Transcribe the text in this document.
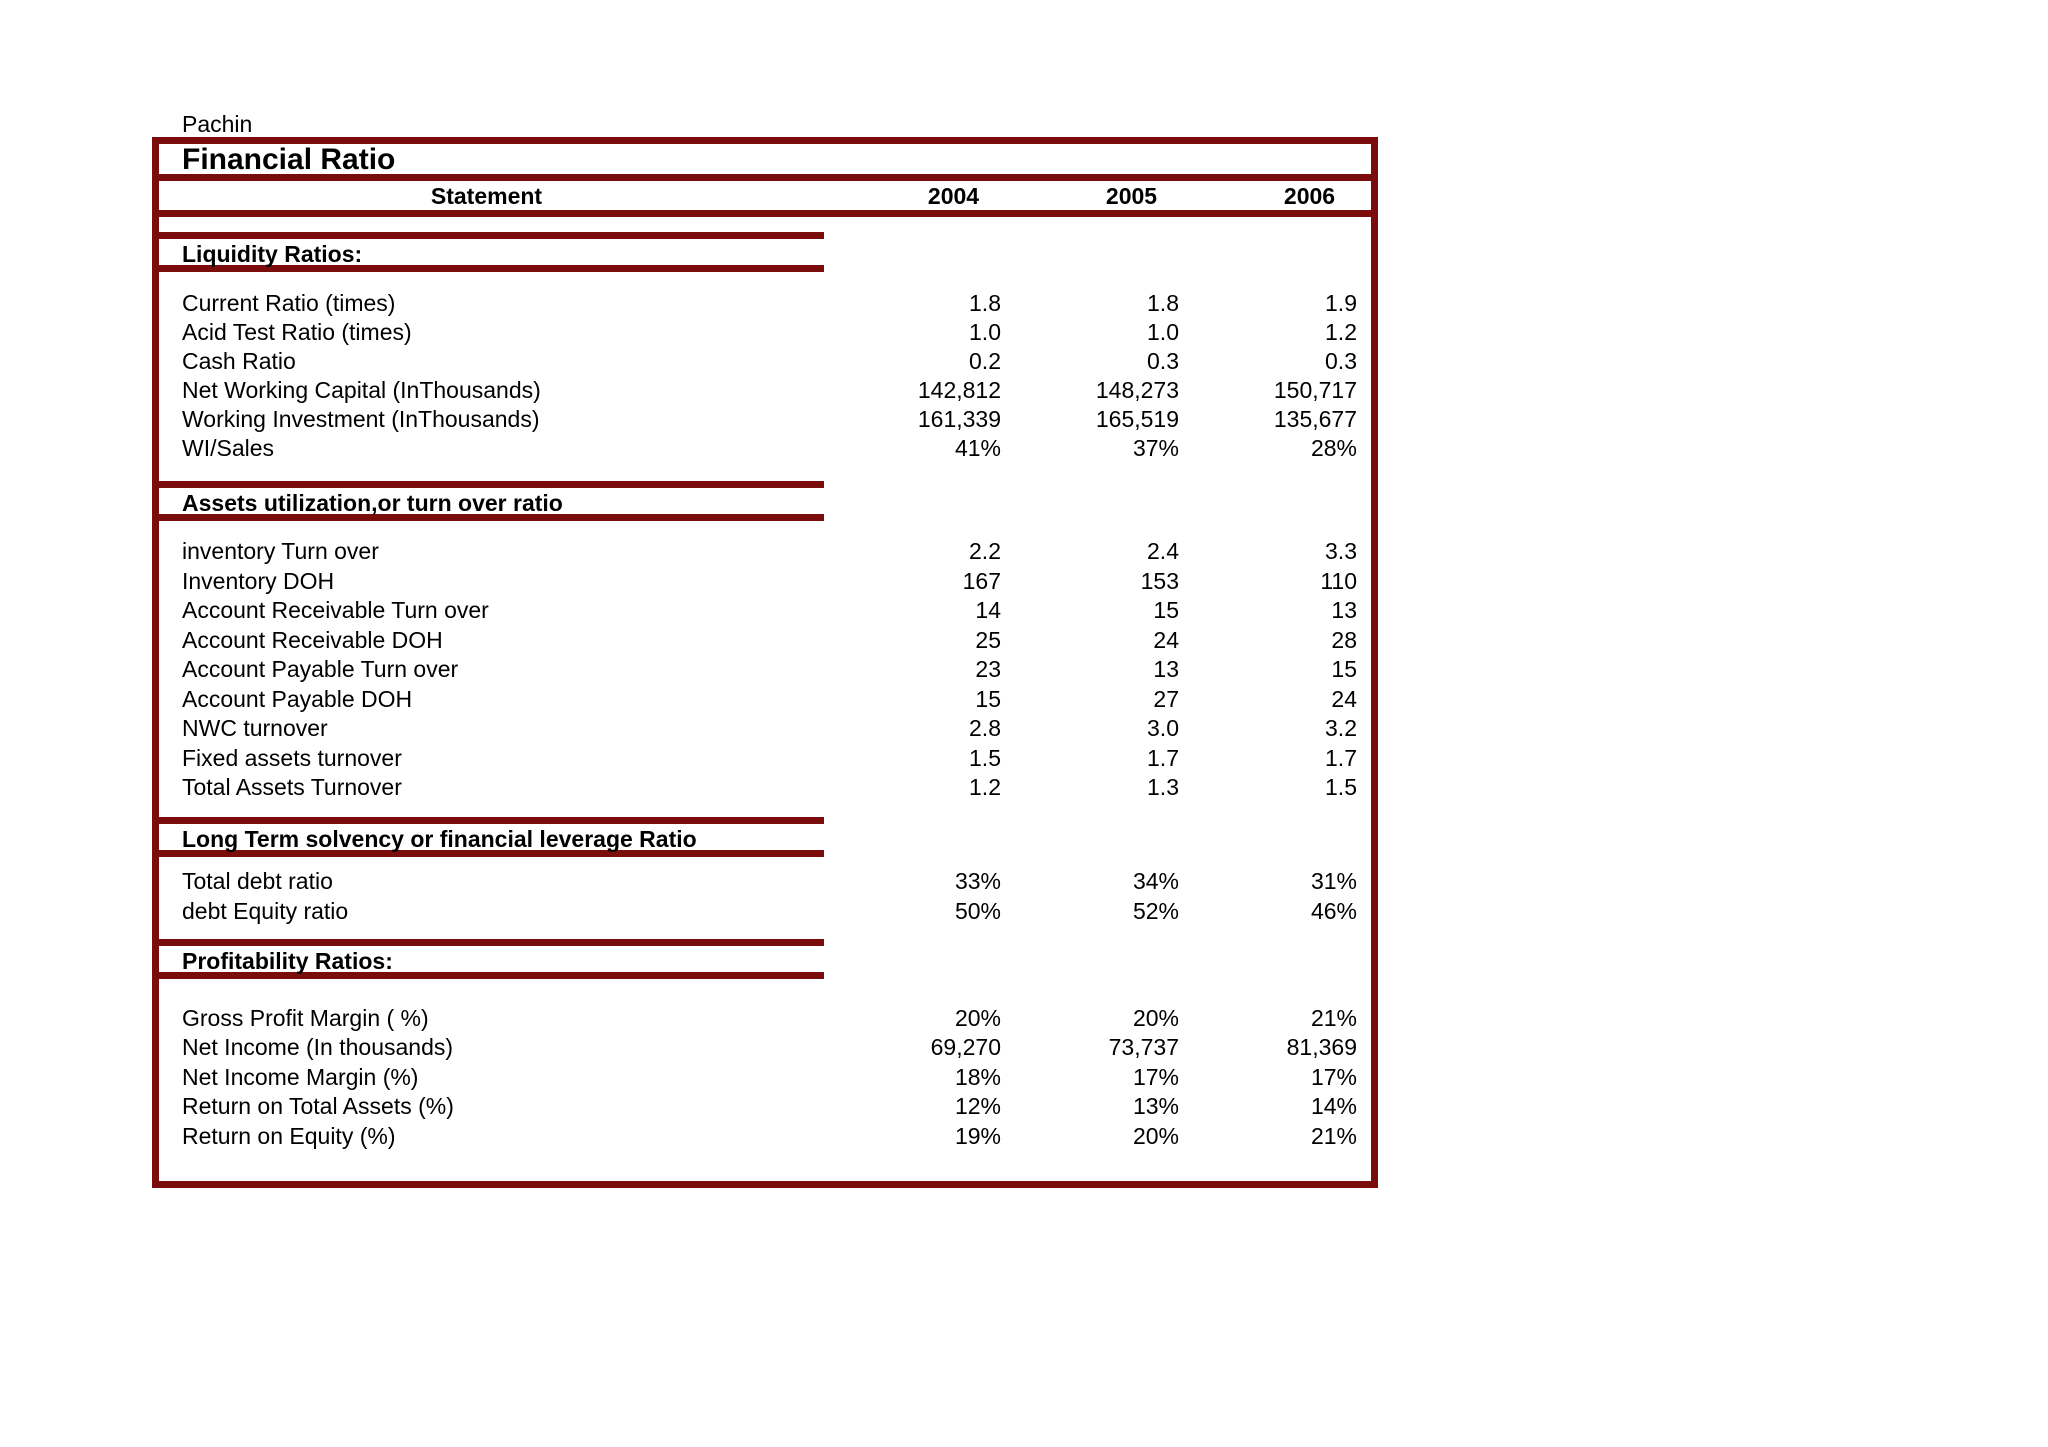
Pachin
Financial Ratio
Statement	2004	2005	2006
Liquidity Ratios:
Current Ratio (times)	1.8	1.8	1.9
Acid Test Ratio (times)	1.0	1.0	1.2
Cash Ratio	0.2	0.3	0.3
Net Working Capital (InThousands)	142,812	148,273	150,717
Working Investment (InThousands)	161,339	165,519	135,677
WI/Sales	41%	37%	28%
Assets utilization,or turn over ratio
inventory Turn over	2.2	2.4	3.3
Inventory DOH	167	153	110
Account Receivable Turn over	14	15	13
Account Receivable DOH	25	24	28
Account Payable Turn over	23	13	15
Account Payable DOH	15	27	24
NWC turnover	2.8	3.0	3.2
Fixed assets turnover	1.5	1.7	1.7
Total Assets Turnover	1.2	1.3	1.5
Long Term solvency or financial leverage Ratio
Total debt ratio	33%	34%	31%
debt Equity ratio	50%	52%	46%
Profitability Ratios:
Gross Profit Margin ( %)	20%	20%	21%
Net Income (In thousands)	69,270	73,737	81,369
Net Income Margin (%)	18%	17%	17%
Return on Total Assets (%)	12%	13%	14%
Return on Equity (%)	19%	20%	21%
